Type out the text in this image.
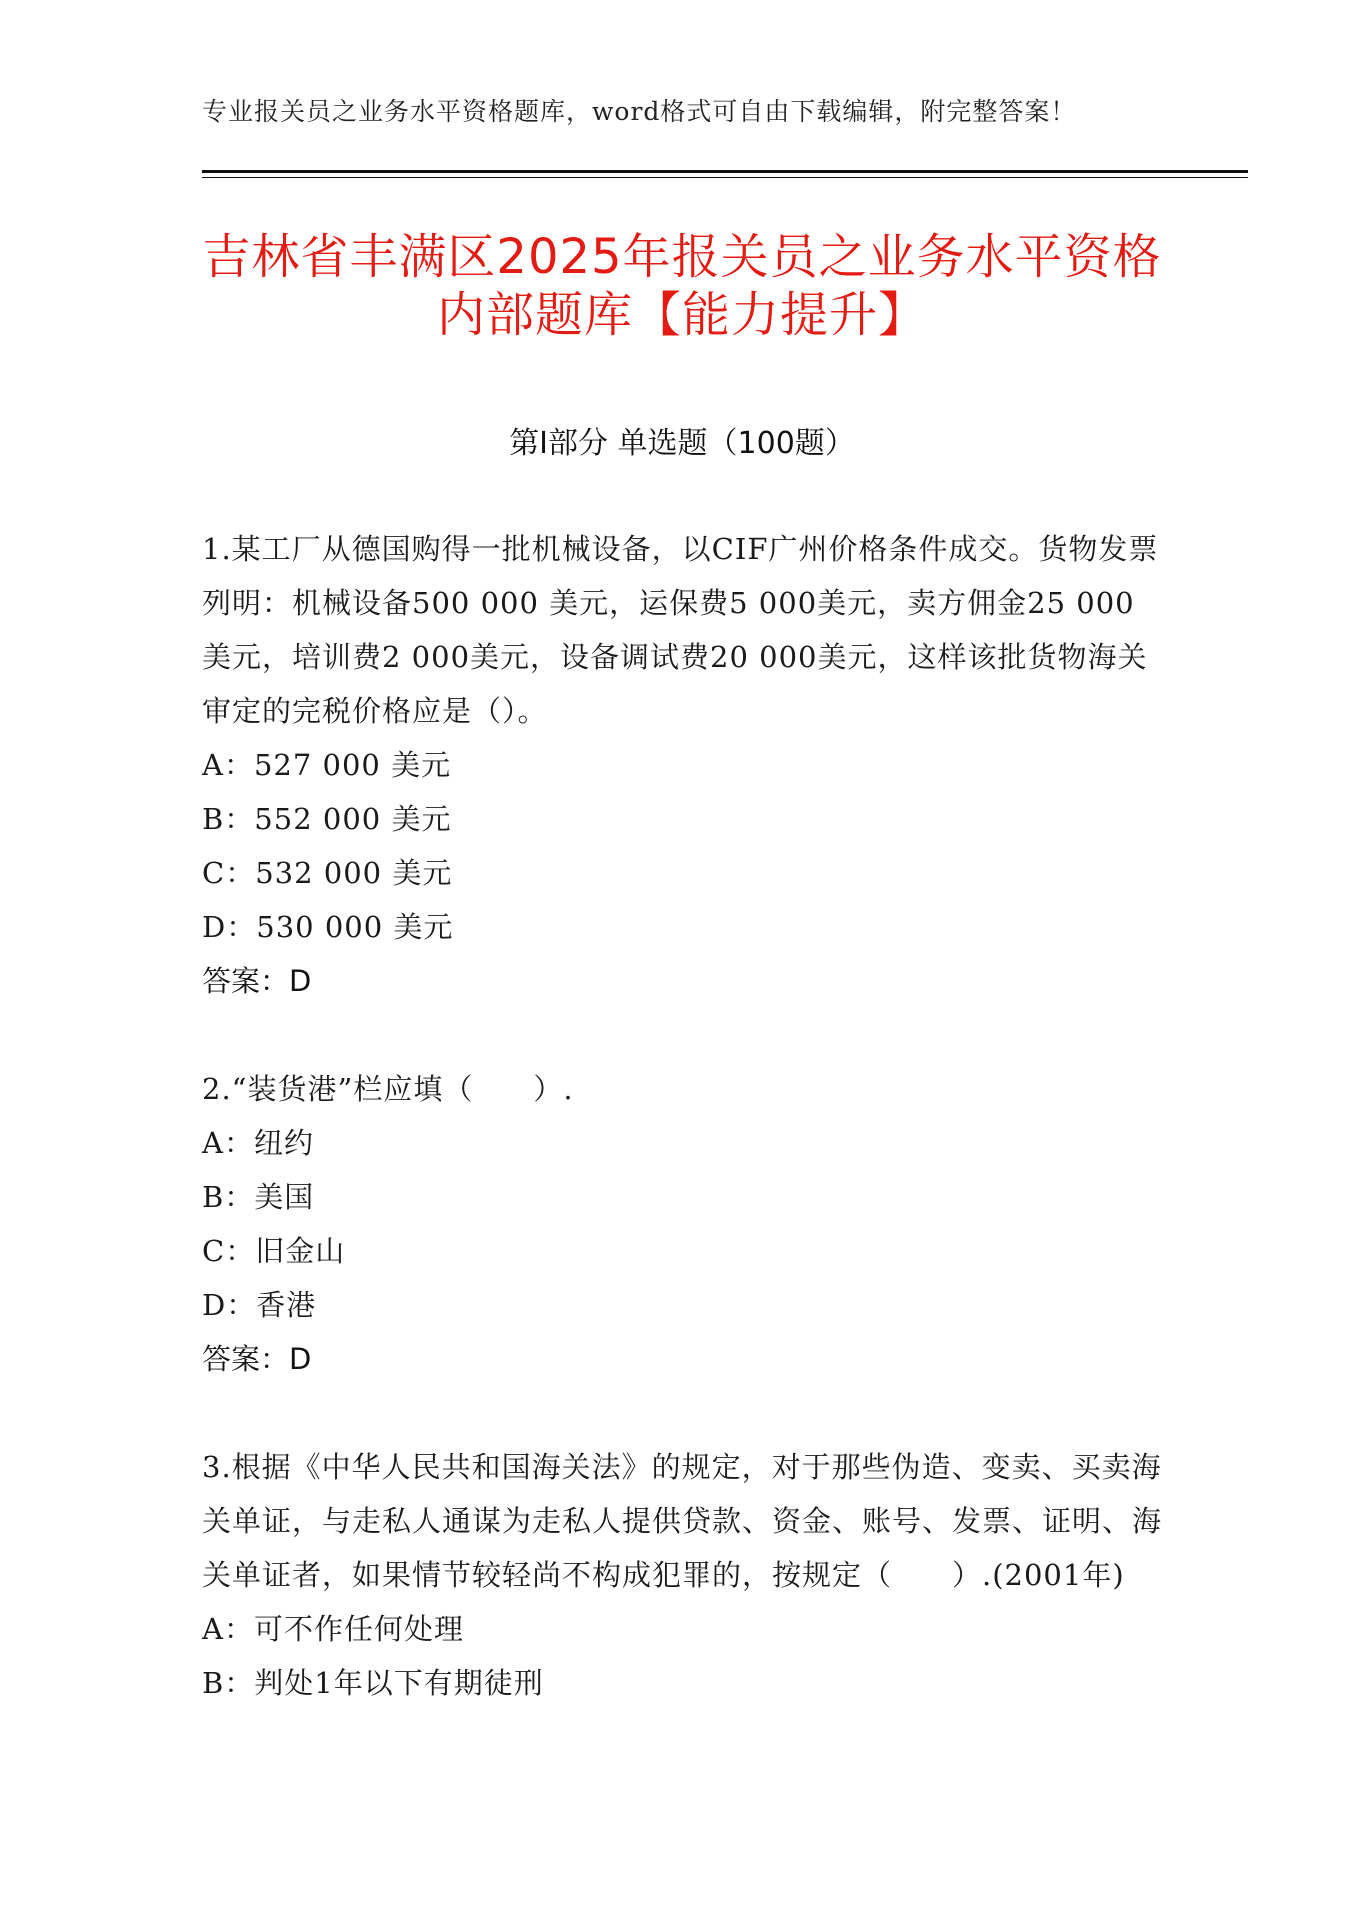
专业报关员之业务水平资格题库，word格式可自由下载编辑，附完整答案！
吉林省丰满区2025年报关员之业务水平资格
内部题库【能力提升】
第Ⅰ部分 单选题（100题）
1.某工厂从德国购得一批机械设备，以CIF广州价格条件成交。货物发票列明：机械设备500 000 美元，运保费5 000美元，卖方佣金25 000美元，培训费2 000美元，设备调试费20 000美元，这样该批货物海关审定的完税价格应是（）。
A：527 000 美元
B：552 000 美元
C：532 000 美元
D：530 000 美元
答案：D
2.“装货港”栏应填（　　）.
A：纽约
B：美国
C：旧金山
D：香港
答案：D
3.根据《中华人民共和国海关法》的规定，对于那些伪造、变卖、买卖海关单证，与走私人通谋为走私人提供贷款、资金、账号、发票、证明、海关单证者，如果情节较轻尚不构成犯罪的，按规定（　　）.(2001年)
A：可不作任何处理
B：判处1年以下有期徒刑
